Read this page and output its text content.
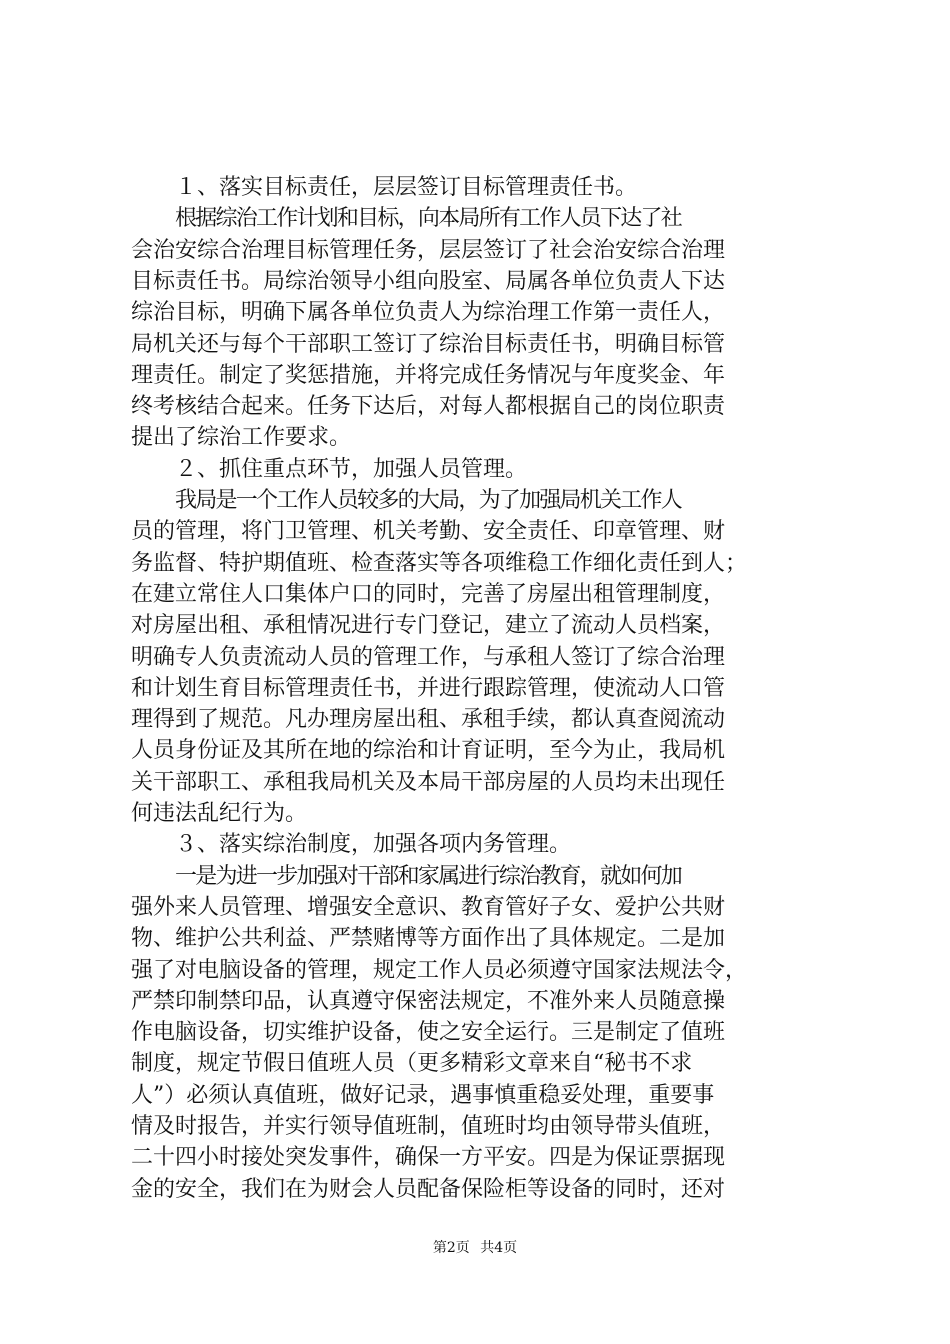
１、落实目标责任，层层签订目标管理责任书。
根据综治工作计划和目标，向本局所有工作人员下达了社
会治安综合治理目标管理任务，层层签订了社会治安综合治理
目标责任书。局综治领导小组向股室、局属各单位负责人下达
综治目标，明确下属各单位负责人为综治理工作第一责任人，
局机关还与每个干部职工签订了综治目标责任书，明确目标管
理责任。制定了奖惩措施，并将完成任务情况与年度奖金、年
终考核结合起来。任务下达后，对每人都根据自己的岗位职责
提出了综治工作要求。
２、抓住重点环节，加强人员管理。
我局是一个工作人员较多的大局，为了加强局机关工作人
员的管理，将门卫管理、机关考勤、安全责任、印章管理、财
务监督、特护期值班、检查落实等各项维稳工作细化责任到人；
在建立常住人口集体户口的同时，完善了房屋出租管理制度，
对房屋出租、承租情况进行专门登记，建立了流动人员档案，
明确专人负责流动人员的管理工作，与承租人签订了综合治理
和计划生育目标管理责任书，并进行跟踪管理，使流动人口管
理得到了规范。凡办理房屋出租、承租手续，都认真查阅流动
人员身份证及其所在地的综治和计育证明，至今为止，我局机
关干部职工、承租我局机关及本局干部房屋的人员均未出现任
何违法乱纪行为。
３、落实综治制度，加强各项内务管理。
一是为进一步加强对干部和家属进行综治教育，就如何加
强外来人员管理、增强安全意识、教育管好子女、爱护公共财
物、维护公共利益、严禁赌博等方面作出了具体规定。二是加
强了对电脑设备的管理，规定工作人员必须遵守国家法规法令，
严禁印制禁印品，认真遵守保密法规定，不准外来人员随意操
作电脑设备，切实维护设备，使之安全运行。三是制定了值班
制度，规定节假日值班人员（更多精彩文章来自“秘书不求
人”）必须认真值班，做好记录，遇事慎重稳妥处理，重要事
情及时报告，并实行领导值班制，值班时均由领导带头值班，
二十四小时接处突发事件，确保一方平安。四是为保证票据现
金的安全，我们在为财会人员配备保险柜等设备的同时，还对
第2页 共4页
